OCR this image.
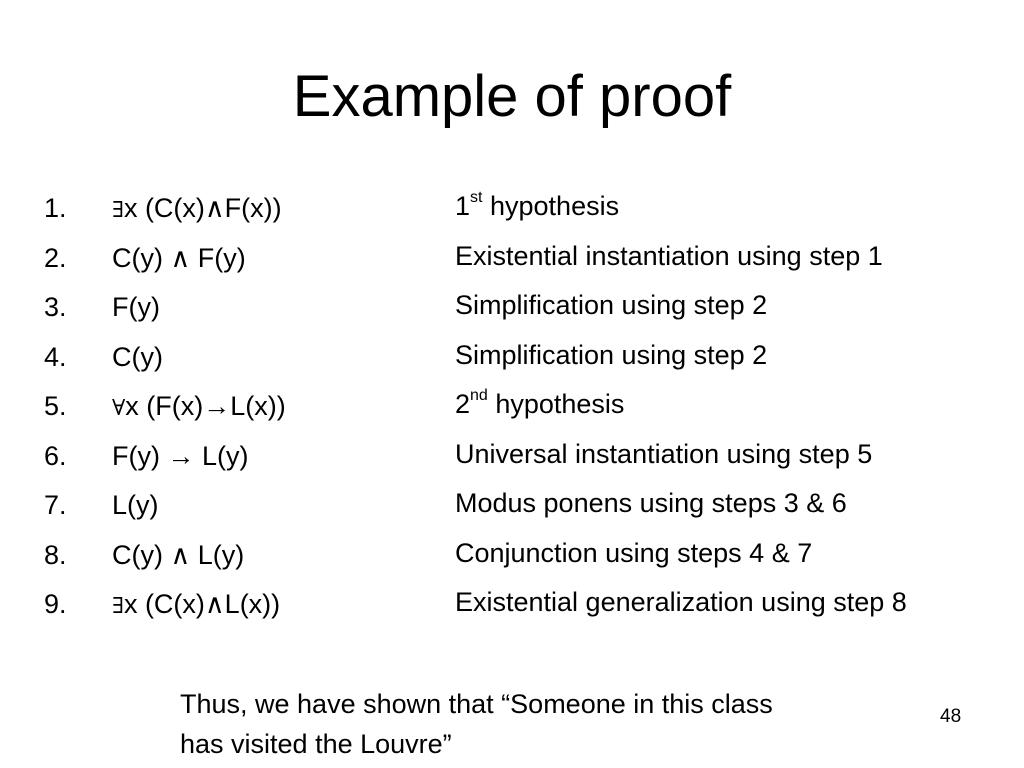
Example of proof
1. ∃x (C(x)∧F(x))	1st hypothesis
2. C(y) ∧ F(y)	Existential instantiation using step 1
3. F(y)	Simplification using step 2
4. C(y)	Simplification using step 2
5. ∀x (F(x)→L(x))	2nd hypothesis
6. F(y) → L(y)	Universal instantiation using step 5
7. L(y)	Modus ponens using steps 3 & 6
8. C(y) ∧ L(y)	Conjunction using steps 4 & 7
9. ∃x (C(x)∧L(x))	Existential generalization using step 8
Thus, we have shown that “Someone in this class has visited the Louvre”
48
